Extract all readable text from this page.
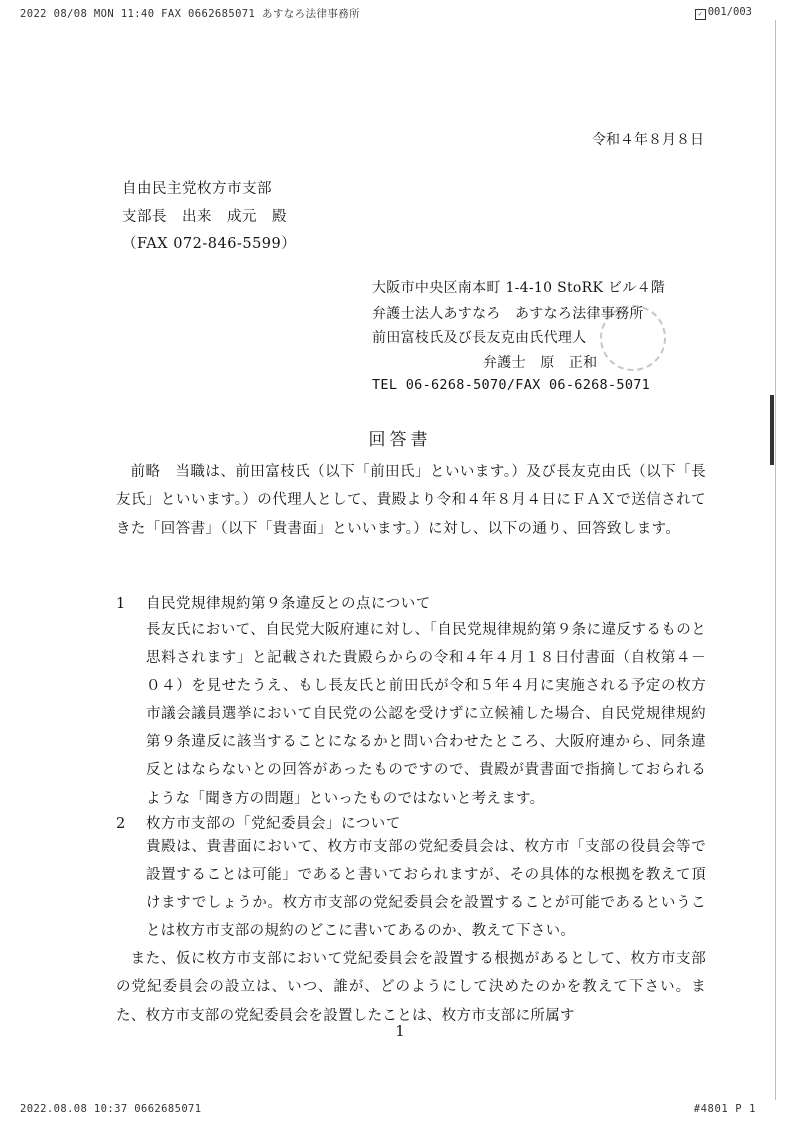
2022 08/08 MON 11:40 FAX 0662685071 あすなろ法律事務所	✓ 001/003
令和４年８月８日
自由民主党枚方市支部
支部長　出来　成元　殿
（FAX 072-846-5599）
大阪市中央区南本町 1-4-10 StoRK ビル４階
弁護士法人あすなろ　あすなろ法律事務所
前田富枝氏及び長友克由氏代理人
弁護士　原　正和
TEL 06-6268-5070/FAX 06-6268-5071
回答書
前略　当職は、前田富枝氏（以下「前田氏」といいます。）及び長友克由氏（以下「長友氏」といいます。）の代理人として、貴殿より令和４年８月４日にＦＡＸで送信されてきた「回答書」（以下「貴書面」といいます。）に対し、以下の通り、回答致します。
1 自民党規律規約第９条違反との点について

長友氏において、自民党大阪府連に対し、「自民党規律規約第９条に違反するものと思料されます」と記載された貴殿らからの令和４年４月１８日付書面（自枚第４－０４）を見せたうえ、もし長友氏と前田氏が令和５年４月に実施される予定の枚方市議会議員選挙において自民党の公認を受けずに立候補した場合、自民党規律規約第９条違反に該当することになるかと問い合わせたところ、大阪府連から、同条違反とはならないとの回答があったものですので、貴殿が貴書面で指摘しておられるような「聞き方の問題」といったものではないと考えます。

2 枚方市支部の「党紀委員会」について

貴殿は、貴書面において、枚方市支部の党紀委員会は、枚方市「支部の役員会等で設置することは可能」であると書いておられますが、その具体的な根拠を教えて頂けますでしょうか。枚方市支部の党紀委員会を設置することが可能であるということは枚方市支部の規約のどこに書いてあるのか、教えて下さい。

また、仮に枚方市支部において党紀委員会を設置する根拠があるとして、枚方市支部の党紀委員会の設立は、いつ、誰が、どのようにして決めたのかを教えて下さい。また、枚方市支部の党紀委員会を設置したことは、枚方市支部に所属す

1
2022.08.08 10:37 0662685071	#4801 P 1
